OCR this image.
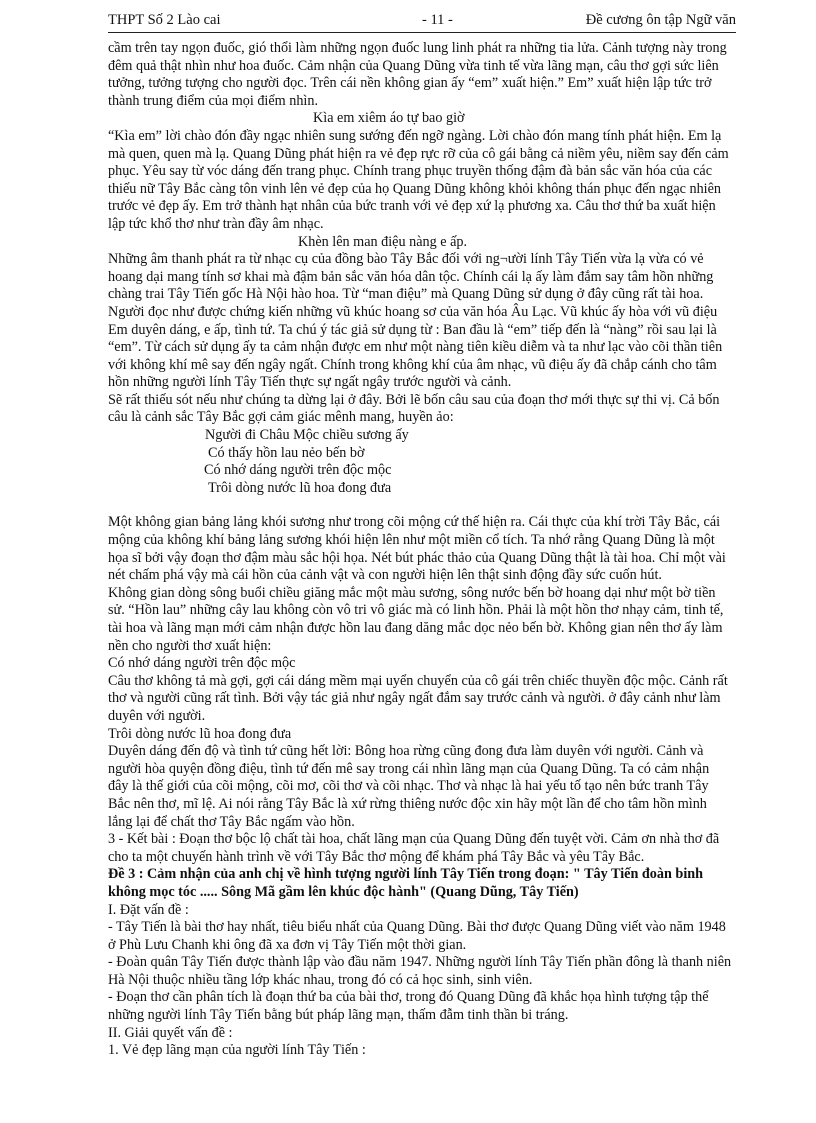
THPT Số 2 Lào cai	- 11 -	Đề cương ôn tập Ngữ văn

cầm trên tay ngọn đuốc, gió thổi làm những ngọn đuốc lung linh phát ra những tia lửa. Cảnh tượng này trong
đêm quả thật nhìn như hoa đuốc. Cảm nhận của Quang Dũng vừa tinh tế vừa lãng mạn, câu thơ gợi sức liên
tưởng, tưởng tượng cho người đọc. Trên cái nền không gian ấy “em” xuất hiện.” Em” xuất hiện lập tức trở
thành trung điểm của mọi điểm nhìn.

Kìa em xiêm áo tự bao giờ

“Kìa em” lời chào đón đầy ngạc nhiên sung sướng đến ngỡ ngàng. Lời chào đón mang tính phát hiện. Em lạ
mà quen, quen mà lạ. Quang Dũng phát hiện ra vẻ đẹp rực rỡ của cô gái bằng cả niềm yêu, niềm say đến cảm
phục. Yêu say từ vóc dáng đến trang phục. Chính trang phục truyền thống đậm đà bản sắc văn hóa của các
thiếu nữ Tây Bắc càng tôn vinh lên vẻ đẹp của họ Quang Dũng không khỏi không thán phục đến ngạc nhiên
trước vẻ đẹp ấy. Em trở thành hạt nhân của bức tranh với vẻ đẹp xứ lạ phương xa. Câu thơ thứ ba xuất hiện
lập tức khổ thơ như tràn đầy âm nhạc.

Khèn lên man điệu nàng e ấp.

Những âm thanh phát ra từ nhạc cụ của đồng bào Tây Bắc đối với ng¬ười lính Tây Tiến vừa lạ vừa có vẻ
hoang dại mang tính sơ khai mà đậm bản sắc văn hóa dân tộc. Chính cái lạ ấy làm đắm say tâm hồn những
chàng trai Tây Tiến gốc Hà Nội hào hoa. Từ “man điệu” mà Quang Dũng sử dụng ở đây cũng rất tài hoa.
Người đọc như được chứng kiến những vũ khúc hoang sơ của văn hóa Âu Lạc. Vũ khúc ấy hòa với vũ điệu
Em duyên dáng, e ấp, tình tứ. Ta chú ý tác giả sử dụng từ : Ban đầu là “em” tiếp đến là “nàng” rồi sau lại là
“em”. Từ cách sử dụng ấy ta cảm nhận được em như một nàng tiên kiều diễm và ta như lạc vào cõi thần tiên
với không khí mê say đến ngây ngất. Chính trong không khí của âm nhạc, vũ điệu ấy đã chắp cánh cho tâm
hồn những người lính Tây Tiến thực sự ngất ngây trước người và cảnh.
Sẽ rất thiếu sót nếu như chúng ta dừng lại ở đây. Bởi lẽ bốn câu sau của đoạn thơ mới thực sự thi vị. Cả bốn
câu là cảnh sắc Tây Bắc gợi cảm giác mênh mang, huyền ảo:

Người đi Châu Mộc chiều sương ấy
Có thấy hồn lau nẻo bến bờ
Có nhớ dáng người trên độc mộc
Trôi dòng nước lũ hoa đong đưa

Một không gian bảng lảng khói sương như trong cõi mộng cứ thế hiện ra. Cái thực của khí trời Tây Bắc, cái
mộng của không khí bảng lảng sương khói hiện lên như một miền cổ tích. Ta nhớ rằng Quang Dũng là một
họa sĩ bởi vậy đoạn thơ đậm màu sắc hội họa. Nét bút phác thảo của Quang Dũng thật là tài hoa. Chỉ một vài
nét chấm phá vậy mà cái hồn của cảnh vật và con người hiện lên thật sinh động đầy sức cuốn hút.
Không gian dòng sông buổi chiều giăng mắc một màu sương, sông nước bến bờ hoang dại như một bờ tiền
sử. “Hồn lau” những cây lau không còn vô tri vô giác mà có linh hồn. Phải là một hồn thơ nhạy cảm, tinh tế,
tài hoa và lãng mạn mới cảm nhận được hồn lau đang dăng mắc dọc nẻo bến bờ. Không gian nên thơ ấy làm
nền cho người thơ xuất hiện:
Có nhớ dáng người trên độc mộc
Câu thơ không tả mà gợi, gợi cái dáng mềm mại uyển chuyển của cô gái trên chiếc thuyền độc mộc. Cảnh rất
thơ và người cũng rất tình. Bởi vậy tác giả như ngây ngất đắm say trước cảnh và người. ở đây cảnh như làm
duyên với người.
Trôi dòng nước lũ hoa đong đưa
Duyên dáng đến độ và tình tứ cũng hết lời: Bông hoa rừng cũng đong đưa làm duyên với người. Cảnh và
người hòa quyện đồng điệu, tình tứ đến mê say trong cái nhìn lãng mạn của Quang Dũng. Ta có cảm nhận
đây là thế giới của cõi mộng, cõi mơ, cõi thơ và cõi nhạc. Thơ và nhạc là hai yếu tố tạo nên bức tranh Tây
Bắc nên thơ, mĩ lệ. Ai nói rằng Tây Bắc là xứ rừng thiêng nước độc xin hãy một lần để cho tâm hồn mình
lắng lại để chất thơ Tây Bắc ngấm vào hồn.
3 - Kết bài : Đoạn thơ bộc lộ chất tài hoa, chất lãng mạn của Quang Dũng đến tuyệt vời. Cảm ơn nhà thơ đã
cho ta một chuyến hành trình về với Tây Bắc thơ mộng để khám phá Tây Bắc và yêu Tây Bắc.

Đề 3 : Cảm nhận của anh chị về hình tượng người lính Tây Tiến trong đoạn: " Tây Tiến đoàn binh
không mọc tóc ..... Sông Mã gầm lên khúc độc hành" (Quang Dũng, Tây Tiến)

I. Đặt vấn đề :
- Tây Tiến là bài thơ hay nhất, tiêu biểu nhất của Quang Dũng. Bài thơ được Quang Dũng viết vào năm 1948
ở Phù Lưu Chanh khi ông đã xa đơn vị Tây Tiến một thời gian.
- Đoàn quân Tây Tiến được thành lập vào đầu năm 1947. Những người lính Tây Tiến phần đông là thanh niên
Hà Nội thuộc nhiều tầng lớp khác nhau, trong đó có cả học sinh, sinh viên.
- Đoạn thơ cần phân tích là đoạn thứ ba của bài thơ, trong đó Quang Dũng đã khắc họa hình tượng tập thể
những người lính Tây Tiến bằng bút pháp lãng mạn, thấm đẫm tinh thần bi tráng.
II. Giải quyết vấn đề :
1. Vẻ đẹp lãng mạn của người lính Tây Tiến :
